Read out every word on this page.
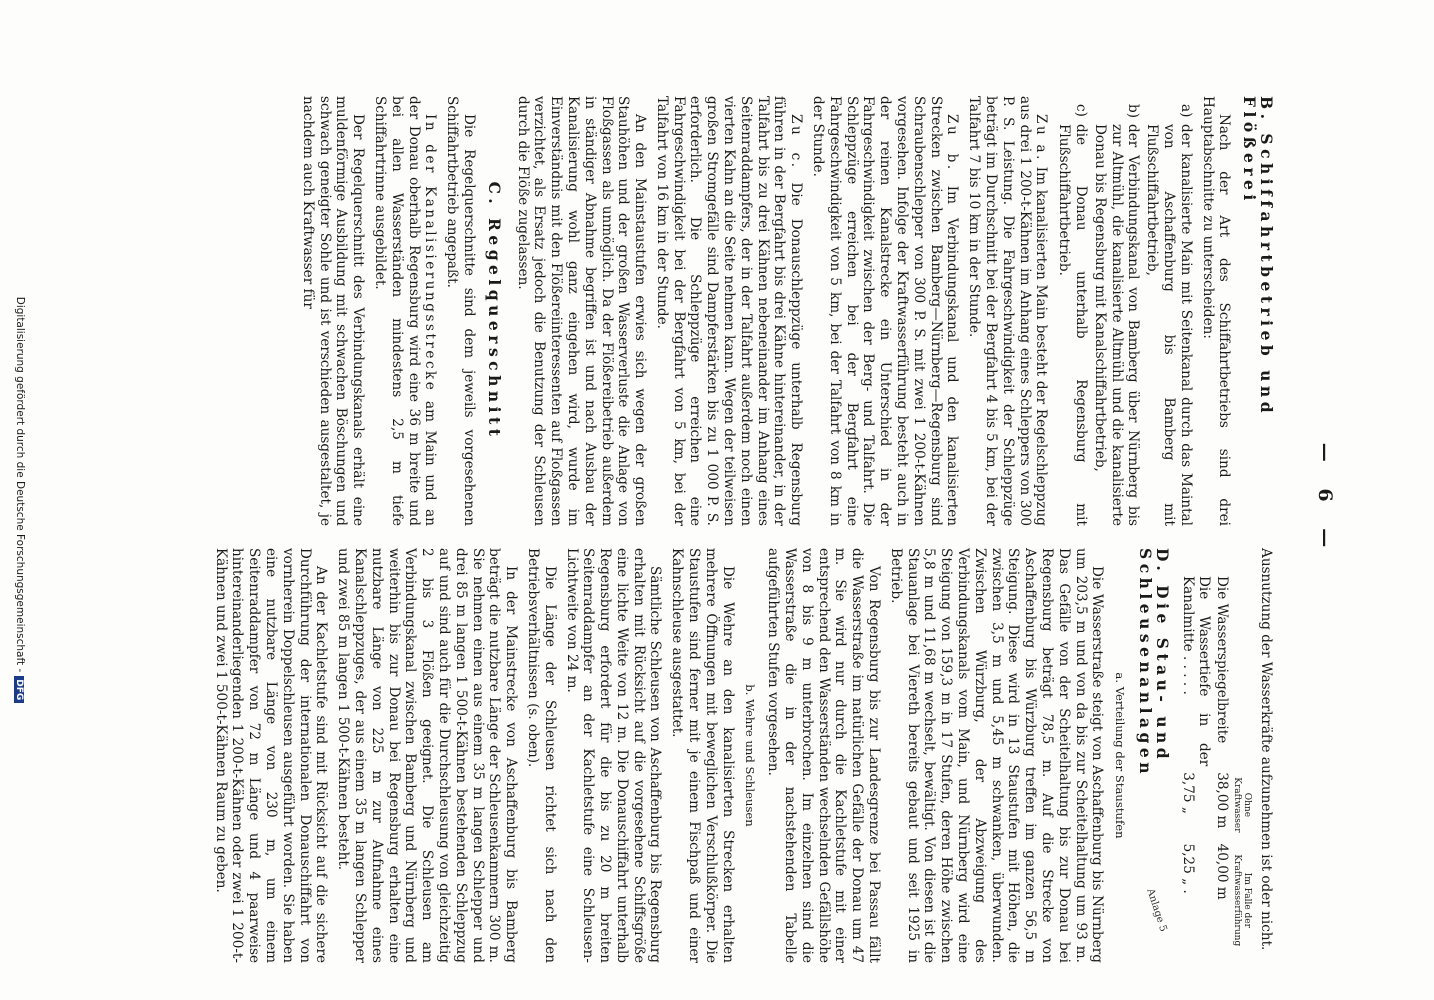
— 6 —
B. Schiffahrtbetrieb und Flößerei

Nach der Art des Schiffahrtbetriebs sind drei Hauptabschnitte zu unterscheiden:

a)
der kanalisierte Main mit Seitenkanal durch das Maintal von Aschaffenburg bis Bamberg mit Flußschiffahrtbetrieb,
b)
der Verbindungskanal von Bamberg über Nürnberg bis zur Altmühl, die kanalisierte Altmühl und die kanalisierte Donau bis Regensburg mit Kanalschiffahrtbetrieb,
c)
die Donau unterhalb Regensburg mit Flußschiffahrtbetrieb.

Zu a. Im kanalisierten Main besteht der Regelschleppzug aus drei 1 200-t-Kähnen im Anhang eines Schleppers von 300 P. S. Leistung. Die Fahrgeschwindigkeit der Schleppzüge beträgt im Durchschnitt bei der Bergfahrt 4 bis 5 km, bei der Talfahrt 7 bis 10 km in der Stunde.

Zu b. Im Verbindungskanal und den kanalisierten Strecken zwischen Bamberg—Nürnberg—Regensburg sind Schraubenschlepper von 300 P. S. mit zwei 1 200-t-Kähnen vorgesehen. Infolge der Kraftwasserführung besteht auch in der reinen Kanalstrecke ein Unterschied in der Fahrgeschwindigkeit zwischen der Berg- und Talfahrt. Die Schleppzüge erreichen bei der Bergfahrt eine Fahrgeschwindigkeit von 5 km, bei der Talfahrt von 8 km in der Stunde.

Zu c. Die Donauschleppzüge unterhalb Regensburg führen in der Bergfahrt bis drei Kähne hintereinander, in der Talfahrt bis zu drei Kähnen nebeneinander im Anhang eines Seitenraddampfers, der in der Talfahrt außerdem noch einen vierten Kahn an die Seite nehmen kann. Wegen der teilweisen großen Stromgefälle sind Dampferstärken bis zu 1 000 P. S. erforderlich. Die Schleppzüge erreichen eine Fahrgeschwindigkeit bei der Bergfahrt von 5 km, bei der Talfahrt von 16 km in der Stunde.

An den Mainstaustufen erwies sich wegen der großen Stauhöhen und der großen Wasserverluste die Anlage von Floßgassen als unmöglich. Da der Flößereibetrieb außerdem in ständiger Abnahme begriffen ist und nach Ausbau der Kanalisierung wohl ganz eingehen wird, wurde im Einverständnis mit den Flößereiinteressenten auf Floßgassen verzichtet, als Ersatz jedoch die Benutzung der Schleusen durch die Flöße zugelassen.

C. Regelquerschnitt

Die Regelquerschnitte sind dem jeweils vorgesehenen Schiffahrtbetrieb angepaßt.

In der Kanalisierungsstrecke am Main und an der Donau oberhalb Regensburg wird eine 36 m breite und bei allen Wasserständen mindestens 2,5 m tiefe Schiffahrtrinne ausgebildet.

Der Regelquerschnitt des Verbindungskanals erhält eine muldenförmige Ausbildung mit schwachen Böschungen und schwach geneigter Sohle und ist verschieden ausgestaltet, je nachdem auch Kraftwasser für

Ausnutzung der Wasserkräfte aufzunehmen ist oder nicht.

	Ohne Kraftwasser	Im Falle der Kraftwasserführung
Die Wasserspiegelbreite	38,00 m	40,00 m
Die Wassertiefe in der Kanalmitte . . . . .	3,75 „	5,25 „ .
D. Die Stau- und Schleusenanlagen
a. Verteilung der Staustufen

Die Wasserstraße steigt von Aschaffenburg bis Nürnberg um 203,5 m und von da bis zur Scheitelhaltung um 93 m. Das Gefälle von der Scheitelhaltung bis zur Donau bei Regensburg beträgt 78,5 m. Auf die Strecke von Aschaffenburg bis Würzburg treffen im ganzen 56,5 m Steigung. Diese wird in 13 Staustufen mit Höhen, die zwischen 3,5 m und 5,45 m schwanken, überwunden. Zwischen Würzburg, der Abzweigung des Verbindungskanals vom Main, und Nürnberg wird eine Steigung von 159,3 m in 17 Stufen, deren Höhe zwischen 5,8 m und 11,68 m wechselt, bewältigt. Von diesen ist die Stauanlage bei Viereth bereits gebaut und seit 1925 in Betrieb.

Von Regensburg bis zur Landesgrenze bei Passau fällt die Wasserstraße im natürlichen Gefälle der Donau um 47 m. Sie wird nur durch die Kachletstufe mit einer entsprechend den Wasserständen wechselnden Gefällshöhe von 8 bis 9 m unterbrochen. Im einzelnen sind die Wasserstraße die in der nachstehenden Tabelle aufgeführten Stufen vorgesehen.

b. Wehre und Schleusen

Die Wehre an den kanalisierten Strecken erhalten mehrere Öffnungen mit beweglichen Verschlußkörper. Die Staustufen sind ferner mit je einem Fischpaß und einer Kahnschleuse ausgestattet.

Sämtliche Schleusen von Aschaffenburg bis Regensburg erhalten mit Rücksicht auf die vorgesehene Schiffsgröße eine lichte Weite von 12 m. Die Donauschiffahrt unterhalb Regensburg erfordert für die bis zu 20 m breiten Seitenraddampfer an der Kachletstufe eine Schleusen-Lichtweite von 24 m.

Die Länge der Schleusen richtet sich nach den Betriebsverhältnissen (s. oben).

In der Mainstrecke von Aschaffenburg bis Bamberg beträgt die nutzbare Länge der Schleusenkammern 300 m. Sie nehmen einen aus einem 35 m langen Schlepper und drei 85 m langen 1 500-t-Kähnen bestehenden Schleppzug auf und sind auch für die Durchschleusung von gleichzeitig 2 bis 3 Flößen geeignet. Die Schleusen am Verbindungskanal zwischen Bamberg und Nürnberg und weiterhin bis zur Donau bei Regensburg erhalten eine nutzbare Länge von 225 m zur Aufnahme eines Kanalschleppzuges, der aus einem 35 m langen Schlepper und zwei 85 m langen 1 500-t-Kähnen besteht.

An der Kachletstufe sind mit Rücksicht auf die sichere Durchführung der internationalen Donauschiffahrt von vornherein Doppelschleusen ausgeführt worden. Sie haben eine nutzbare Länge von 230 m, um einem Seitenraddampfer von 72 m Länge und 4 paarweise hintereinanderliegenden 1 200-t-Kähnen oder zwei 1 200-t-Kähnen und zwei 1 500-t-Kähnen Raum zu geben.

Anlage 5
Digitalisierung gefördert durch die Deutsche Forschungsgemeinschaft -DFG
